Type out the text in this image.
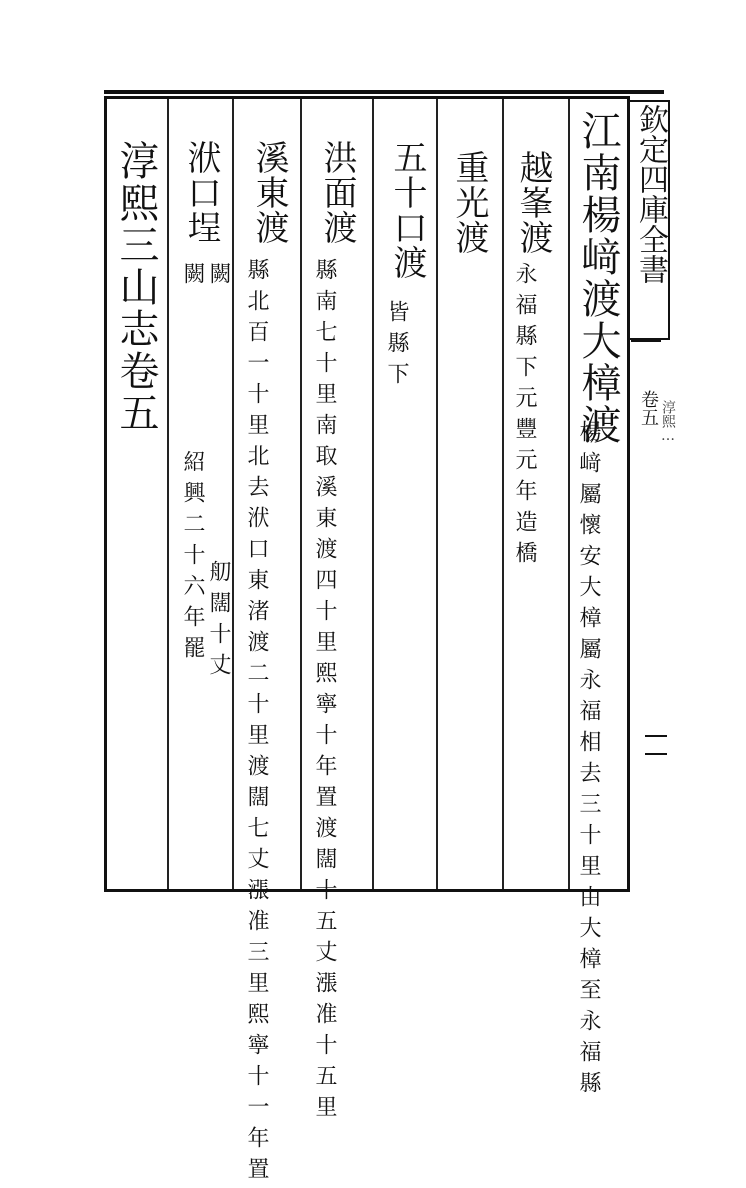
欽定四庫全書
卷五 淳熙…
江南楊﨑渡大樟渡
楊﨑屬懷安大樟屬永福相去三十里由大樟至永福縣
越峯渡
永福縣下元豐元年造橋
重光渡
五十口渡
皆縣下
洪面渡
縣南七十里南取溪東渡四十里熙寧十年置渡闊十五丈漲准十五里
溪東渡
縣北百一十里北去洑口東渚渡二十里渡闊七丈漲准三里熙寧十一年置
洑口埕
闕
紹興二十六年罷
闕
舠闊十丈
淳熙三山志卷五
